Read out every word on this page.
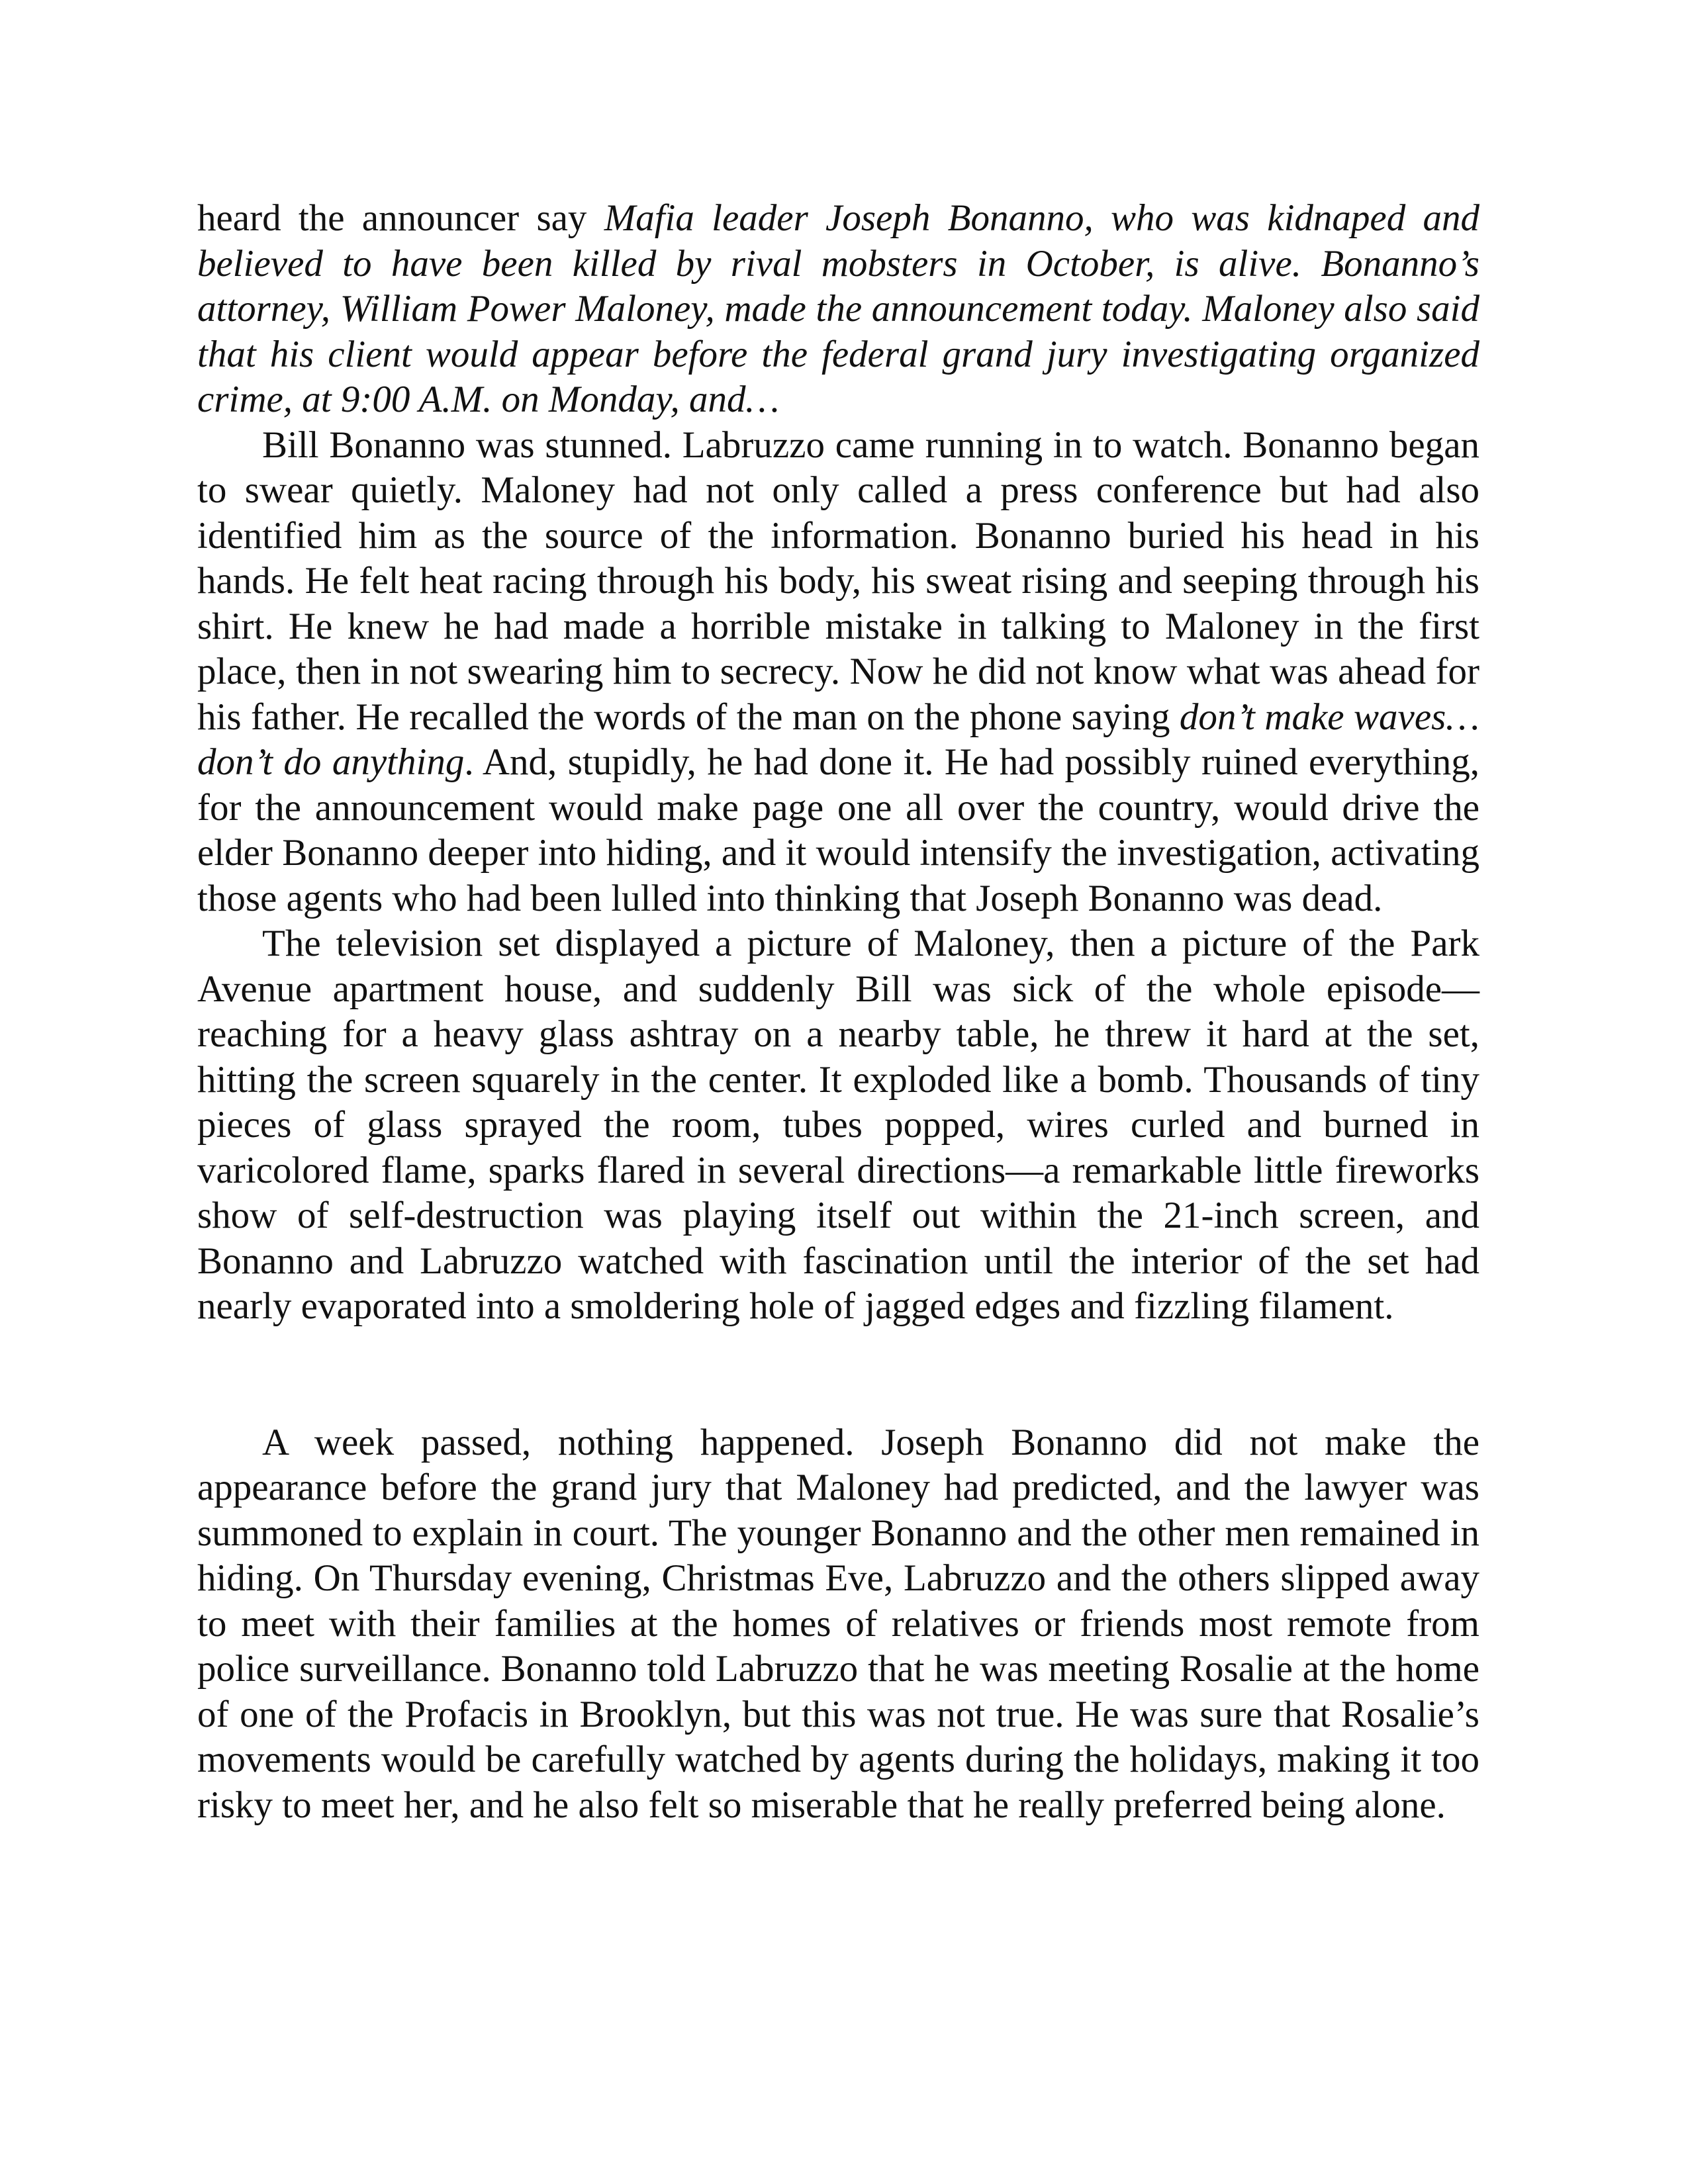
heard the announcer say Mafia leader Joseph Bonanno, who was kidnaped and believed to have been killed by rival mobsters in October, is alive. Bonanno’s attorney, William Power Maloney, made the announcement today. Maloney also said that his client would appear before the federal grand jury investigating organized crime, at 9:00 A.M. on Monday, and…

Bill Bonanno was stunned. Labruzzo came running in to watch. Bonanno began to swear quietly. Maloney had not only called a press conference but had also identified him as the source of the information. Bonanno buried his head in his hands. He felt heat racing through his body, his sweat rising and seeping through his shirt. He knew he had made a horrible mistake in talking to Maloney in the first place, then in not swearing him to secrecy. Now he did not know what was ahead for his father. He recalled the words of the man on the phone saying don’t make waves…don’t do anything. And, stupidly, he had done it. He had possibly ruined everything, for the announcement would make page one all over the country, would drive the elder Bonanno deeper into hiding, and it would intensify the investigation, activating those agents who had been lulled into thinking that Joseph Bonanno was dead.

The television set displayed a picture of Maloney, then a picture of the Park Avenue apartment house, and suddenly Bill was sick of the whole episode—reaching for a heavy glass ashtray on a nearby table, he threw it hard at the set, hitting the screen squarely in the center. It exploded like a bomb. Thousands of tiny pieces of glass sprayed the room, tubes popped, wires curled and burned in varicolored flame, sparks flared in several directions—a remarkable little fireworks show of self-destruction was playing itself out within the 21-inch screen, and Bonanno and Labruzzo watched with fascination until the interior of the set had nearly evaporated into a smoldering hole of jagged edges and fizzling filament.

A week passed, nothing happened. Joseph Bonanno did not make the appearance before the grand jury that Maloney had predicted, and the lawyer was summoned to explain in court. The younger Bonanno and the other men remained in hiding. On Thursday evening, Christmas Eve, Labruzzo and the others slipped away to meet with their families at the homes of relatives or friends most remote from police surveillance. Bonanno told Labruzzo that he was meeting Rosalie at the home of one of the Profacis in Brooklyn, but this was not true. He was sure that Rosalie’s movements would be carefully watched by agents during the holidays, making it too risky to meet her, and he also felt so miserable that he really preferred being alone.
